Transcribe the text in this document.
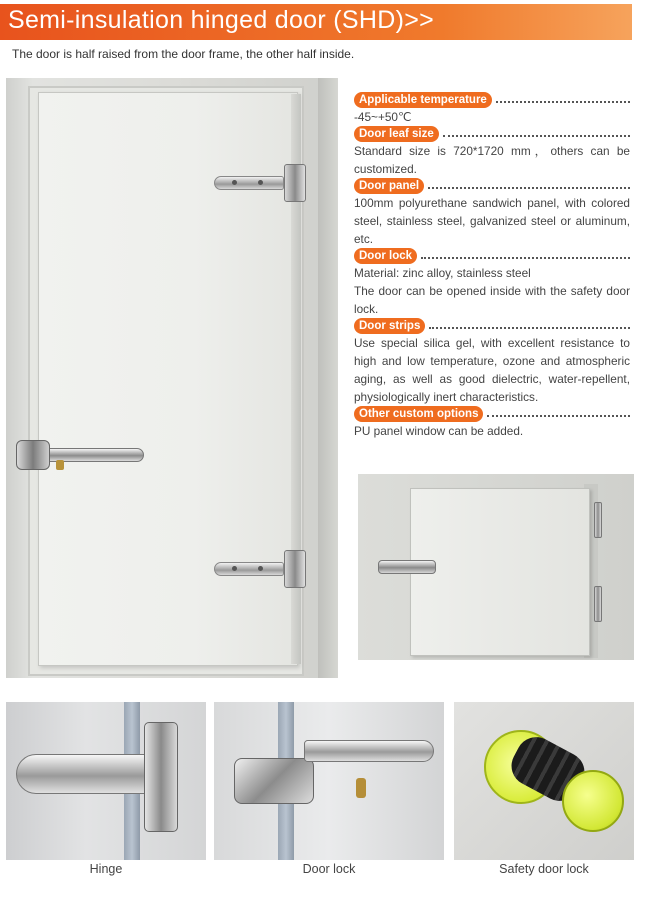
Semi-insulation hinged door (SHD)>>
The door is half raised from the door frame, the other half inside.
Applicable temperature

-45~+50℃

Door leaf size

Standard size is 720*1720 mm，others can be customized.

Door panel

100mm polyurethane sandwich panel, with colored steel, stainless steel, galvanized steel or aluminum, etc.

Door lock

Material: zinc alloy, stainless steel

The door can be opened inside with the safety door lock.

Door strips

Use special silica gel, with excellent resistance to high and low temperature, ozone and atmospheric aging, as well as good dielectric, water-repellent, physiologically inert characteristics.

Other custom options

PU panel window can be added.

Hinge	Door lock	Safety door lock
